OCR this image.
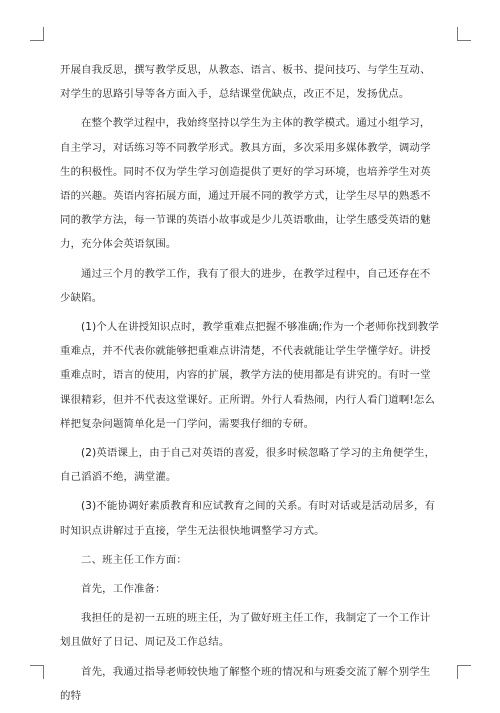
开展自我反思，撰写教学反思，从教态、语言、板书、提问技巧、与学生互动、对学生的思路引导等各方面入手，总结课堂优缺点，改正不足，发扬优点。

在整个教学过程中，我始终坚持以学生为主体的教学模式。通过小组学习，自主学习，对话练习等不同教学形式。教具方面，多次采用多媒体教学，调动学生的积极性。同时不仅为学生学习创造提供了更好的学习环境，也培养学生对英语的兴趣。英语内容拓展方面，通过开展不同的教学方式，让学生尽早的熟悉不同的教学方法，每一节课的英语小故事或是少儿英语歌曲，让学生感受英语的魅力，充分体会英语氛围。

通过三个月的教学工作，我有了很大的进步，在教学过程中，自己还存在不少缺陷。

(1)个人在讲授知识点时，教学重难点把握不够准确;作为一个老师你找到教学重难点，并不代表你就能够把重难点讲清楚，不代表就能让学生学懂学好。讲授重难点时，语言的使用，内容的扩展，教学方法的使用都是有讲究的。有时一堂课很精彩，但并不代表这堂课好。正所谓。外行人看热闹，内行人看门道啊!怎么样把复杂问题简单化是一门学问，需要我仔细的专研。

(2)英语课上，由于自己对英语的喜爱，很多时候忽略了学习的主角便学生，自己滔滔不绝，满堂灌。

(3)不能协调好素质教育和应试教育之间的关系。有时对话或是活动居多，有时知识点讲解过于直接，学生无法很快地调整学习方式。

二、班主任工作方面：

首先，工作准备：

我担任的是初一五班的班主任，为了做好班主任工作，我制定了一个工作计划且做好了日记、周记及工作总结。

首先，我通过指导老师较快地了解整个班的情况和与班委交流了解个别学生的特
